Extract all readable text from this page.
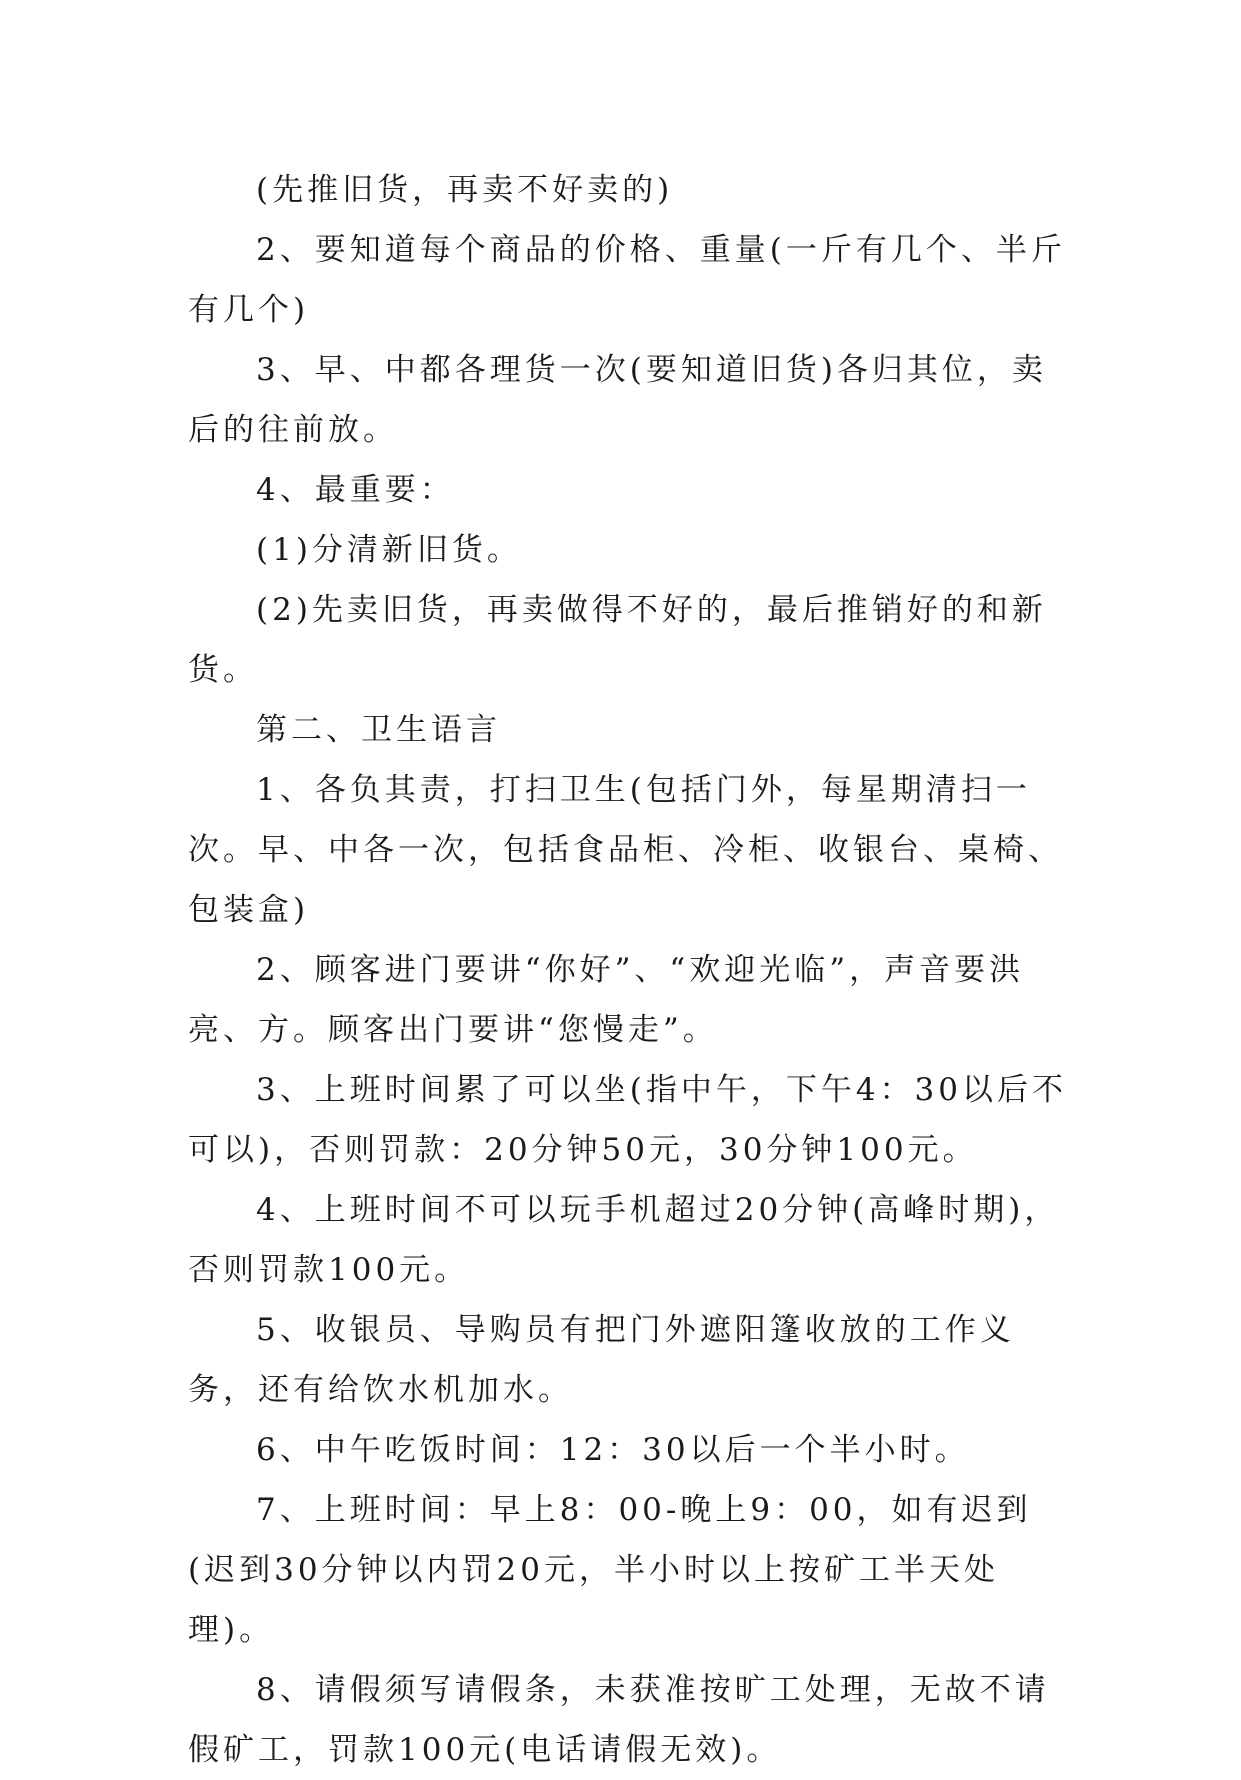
(先推旧货，再卖不好卖的)

2、要知道每个商品的价格、重量(一斤有几个、半斤有几个)

3、早、中都各理货一次(要知道旧货)各归其位，卖后的往前放。

4、最重要：

(1)分清新旧货。

(2)先卖旧货，再卖做得不好的，最后推销好的和新货。

第二、卫生语言

1、各负其责，打扫卫生(包括门外，每星期清扫一次。早、中各一次，包括食品柜、冷柜、收银台、桌椅、包装盒)

2、顾客进门要讲“你好”、“欢迎光临”，声音要洪亮、方。顾客出门要讲“您慢走”。

3、上班时间累了可以坐(指中午，下午4：30以后不可以)，否则罚款：20分钟50元，30分钟100元。

4、上班时间不可以玩手机超过20分钟(高峰时期)，否则罚款100元。

5、收银员、导购员有把门外遮阳篷收放的工作义务，还有给饮水机加水。

6、中午吃饭时间：12：30以后一个半小时。

7、上班时间：早上8：00-晚上9：00，如有迟到(迟到30分钟以内罚20元，半小时以上按矿工半天处理)。

8、请假须写请假条，未获准按旷工处理，无故不请假矿工，罚款100元(电话请假无效)。
